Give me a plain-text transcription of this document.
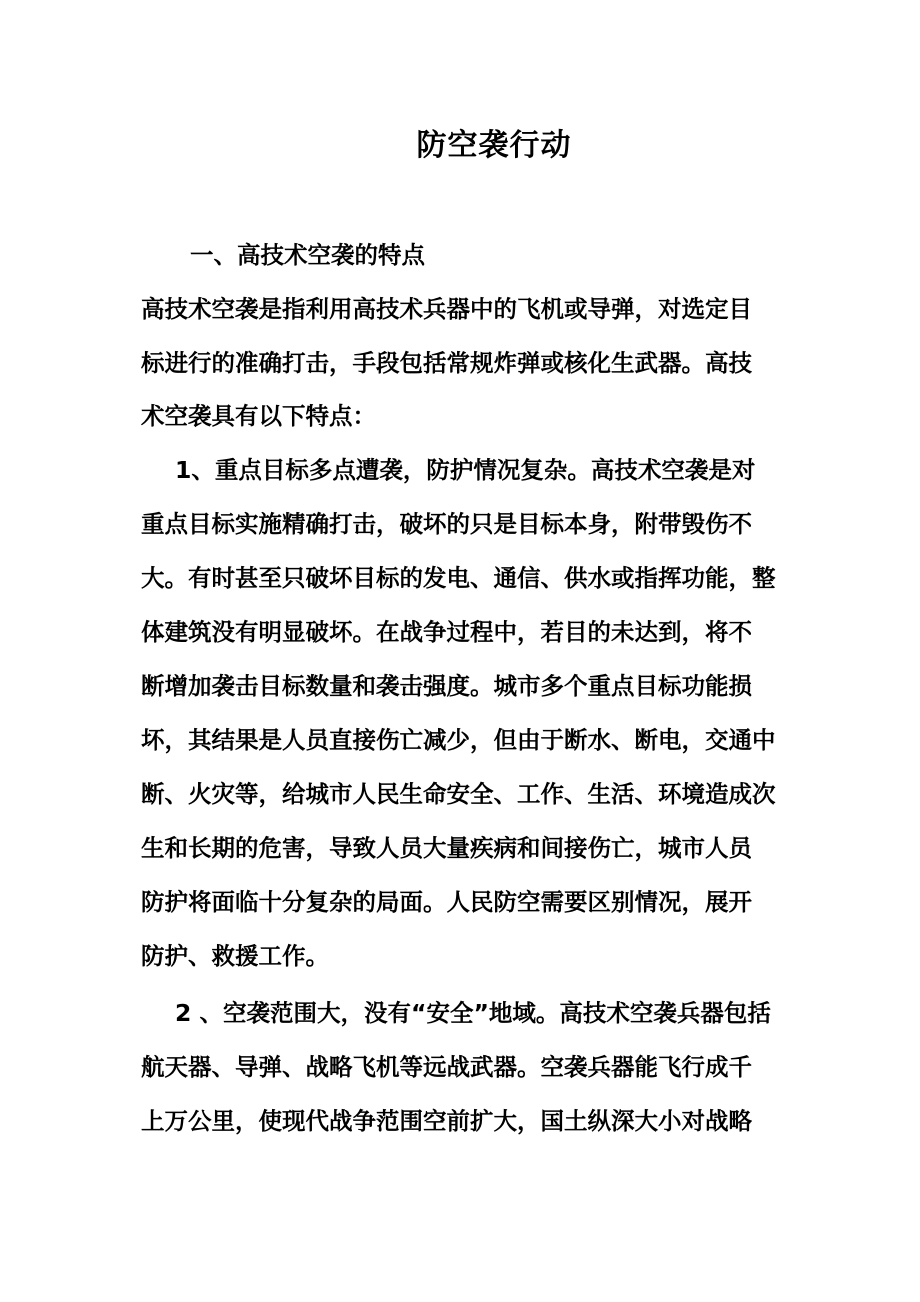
防空袭行动
一、高技术空袭的特点
高技术空袭是指利用高技术兵器中的飞机或导弹，对选定目
标进行的准确打击，手段包括常规炸弹或核化生武器。高技
术空袭具有以下特点：
1、重点目标多点遭袭，防护情况复杂。高技术空袭是对
重点目标实施精确打击，破坏的只是目标本身，附带毁伤不
大。有时甚至只破坏目标的发电、通信、供水或指挥功能，整
体建筑没有明显破坏。在战争过程中，若目的未达到，将不
断增加袭击目标数量和袭击强度。城市多个重点目标功能损
坏，其结果是人员直接伤亡减少，但由于断水、断电，交通中
断、火灾等，给城市人民生命安全、工作、生活、环境造成次
生和长期的危害，导致人员大量疾病和间接伤亡，城市人员
防护将面临十分复杂的局面。人民防空需要区别情况，展开
防护、救援工作。
2 、空袭范围大，没有“安全”地域。高技术空袭兵器包括
航天器、导弹、战略飞机等远战武器。空袭兵器能飞行成千
上万公里，使现代战争范围空前扩大，国土纵深大小对战略
